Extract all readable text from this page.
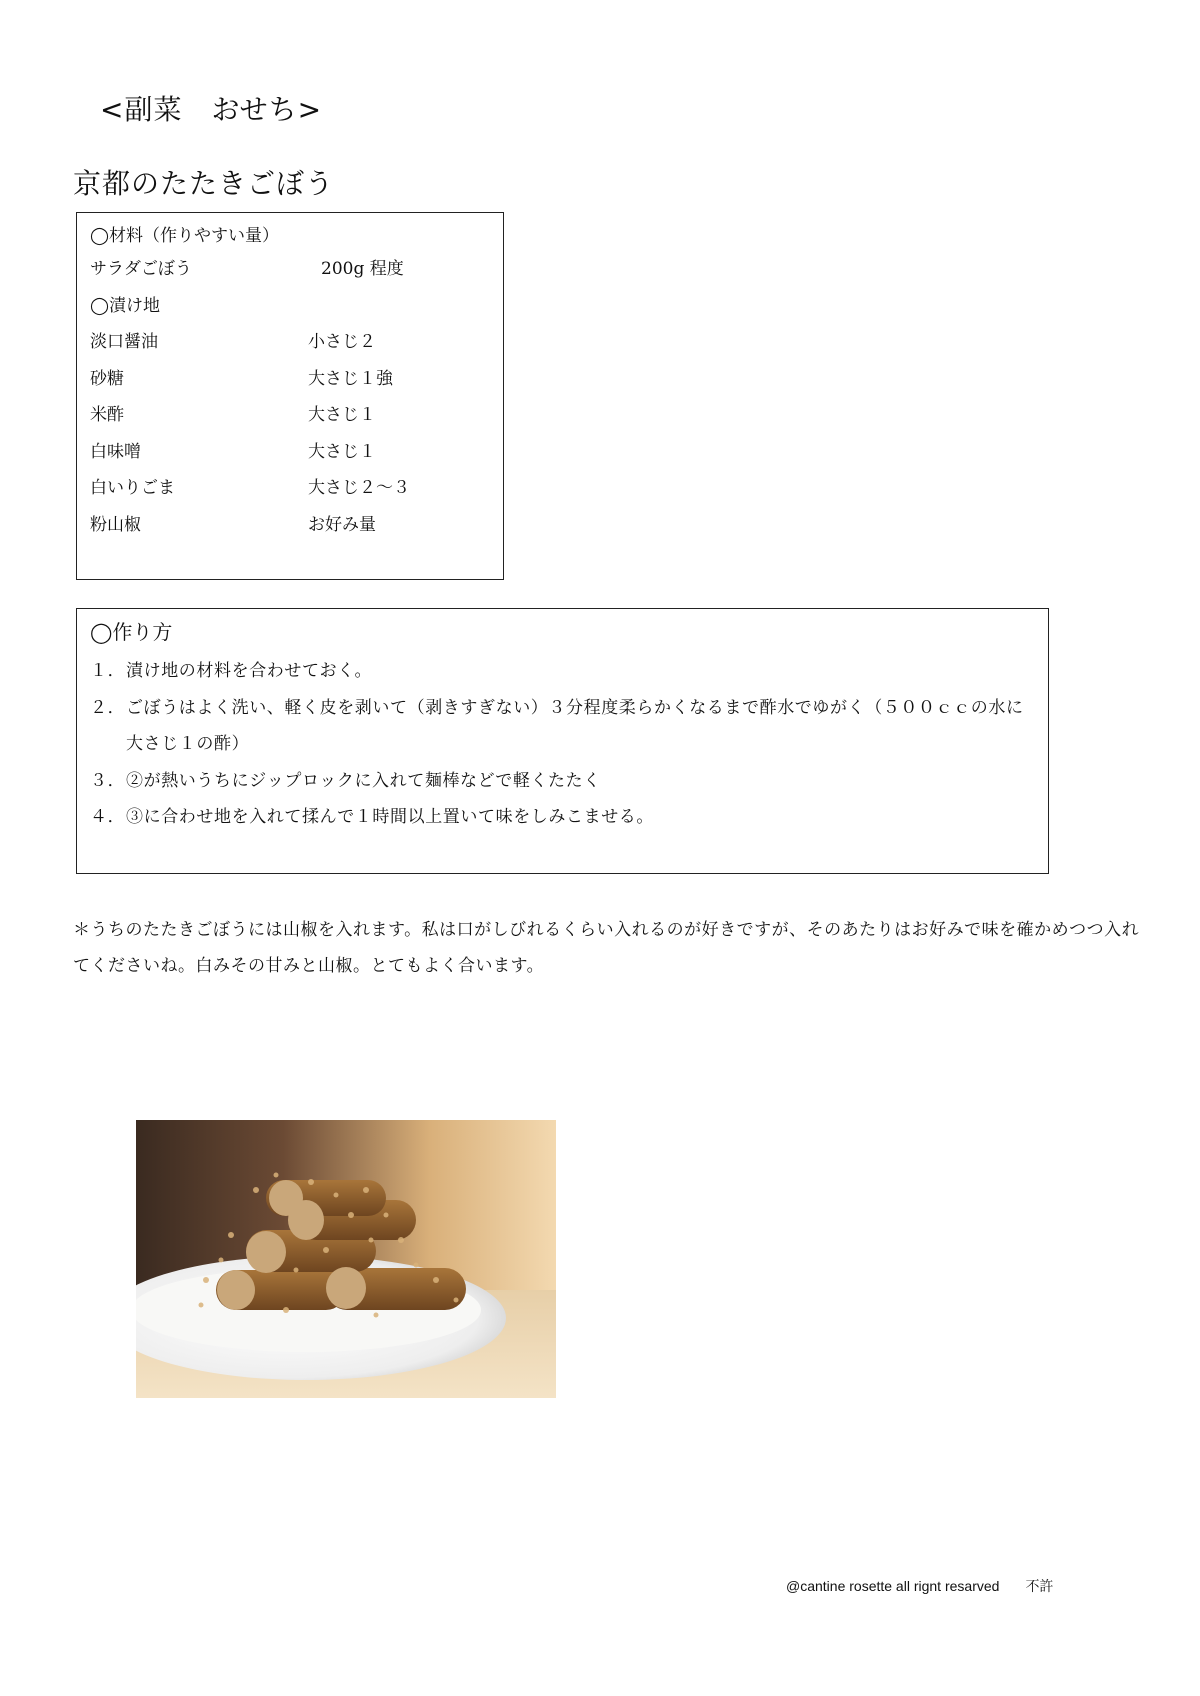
<副菜　おせち>
京都のたたきごぼう
◯材料（作りやすい量）
サラダごぼう	200g 程度
◯漬け地
淡口醤油	小さじ２
砂糖	大さじ１強
米酢	大さじ１
白味噌	大さじ１
白いりごま	大さじ２～３
粉山椒	お好み量
◯作り方
１． 漬け地の材料を合わせておく。
２． ごぼうはよく洗い、軽く皮を剥いて（剥きすぎない）３分程度柔らかくなるまで酢水でゆがく（５００ｃｃの水に大さじ１の酢）
３． ②が熱いうちにジップロックに入れて麺棒などで軽くたたく
４． ③に合わせ地を入れて揉んで１時間以上置いて味をしみこませる。
＊うちのたたきごぼうには山椒を入れます。私は口がしびれるくらい入れるのが好きですが、そのあたりはお好みで味を確かめつつ入れてくださいね。白みその甘みと山椒。とてもよく合います。
@cantine rosette all rignt resarved 不許
